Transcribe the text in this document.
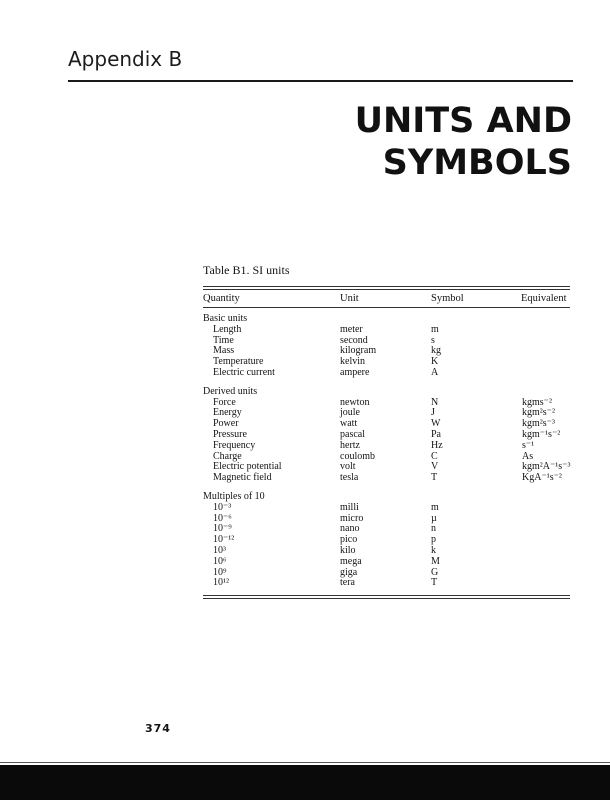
Appendix B
UNITS AND
SYMBOLS
Table B1. SI units
Quantity	Unit	Symbol	Equivalent
Basic units
Length	meter	m
Time	second	s
Mass	kilogram	kg
Temperature	kelvin	K
Electric current	ampere	A
Derived units
Force	newton	N	kgms⁻²
Energy	joule	J	kgm²s⁻²
Power	watt	W	kgm²s⁻³
Pressure	pascal	Pa	kgm⁻¹s⁻²
Frequency	hertz	Hz	s⁻¹
Charge	coulomb	C	As
Electric potential	volt	V	kgm²A⁻¹s⁻³
Magnetic field	tesla	T	KgA⁻¹s⁻²
Multiples of 10
10⁻³	milli	m
10⁻⁶	micro	µ
10⁻⁹	nano	n
10⁻¹²	pico	p
10³	kilo	k
10⁶	mega	M
10⁹	giga	G
10¹²	tera	T
374
